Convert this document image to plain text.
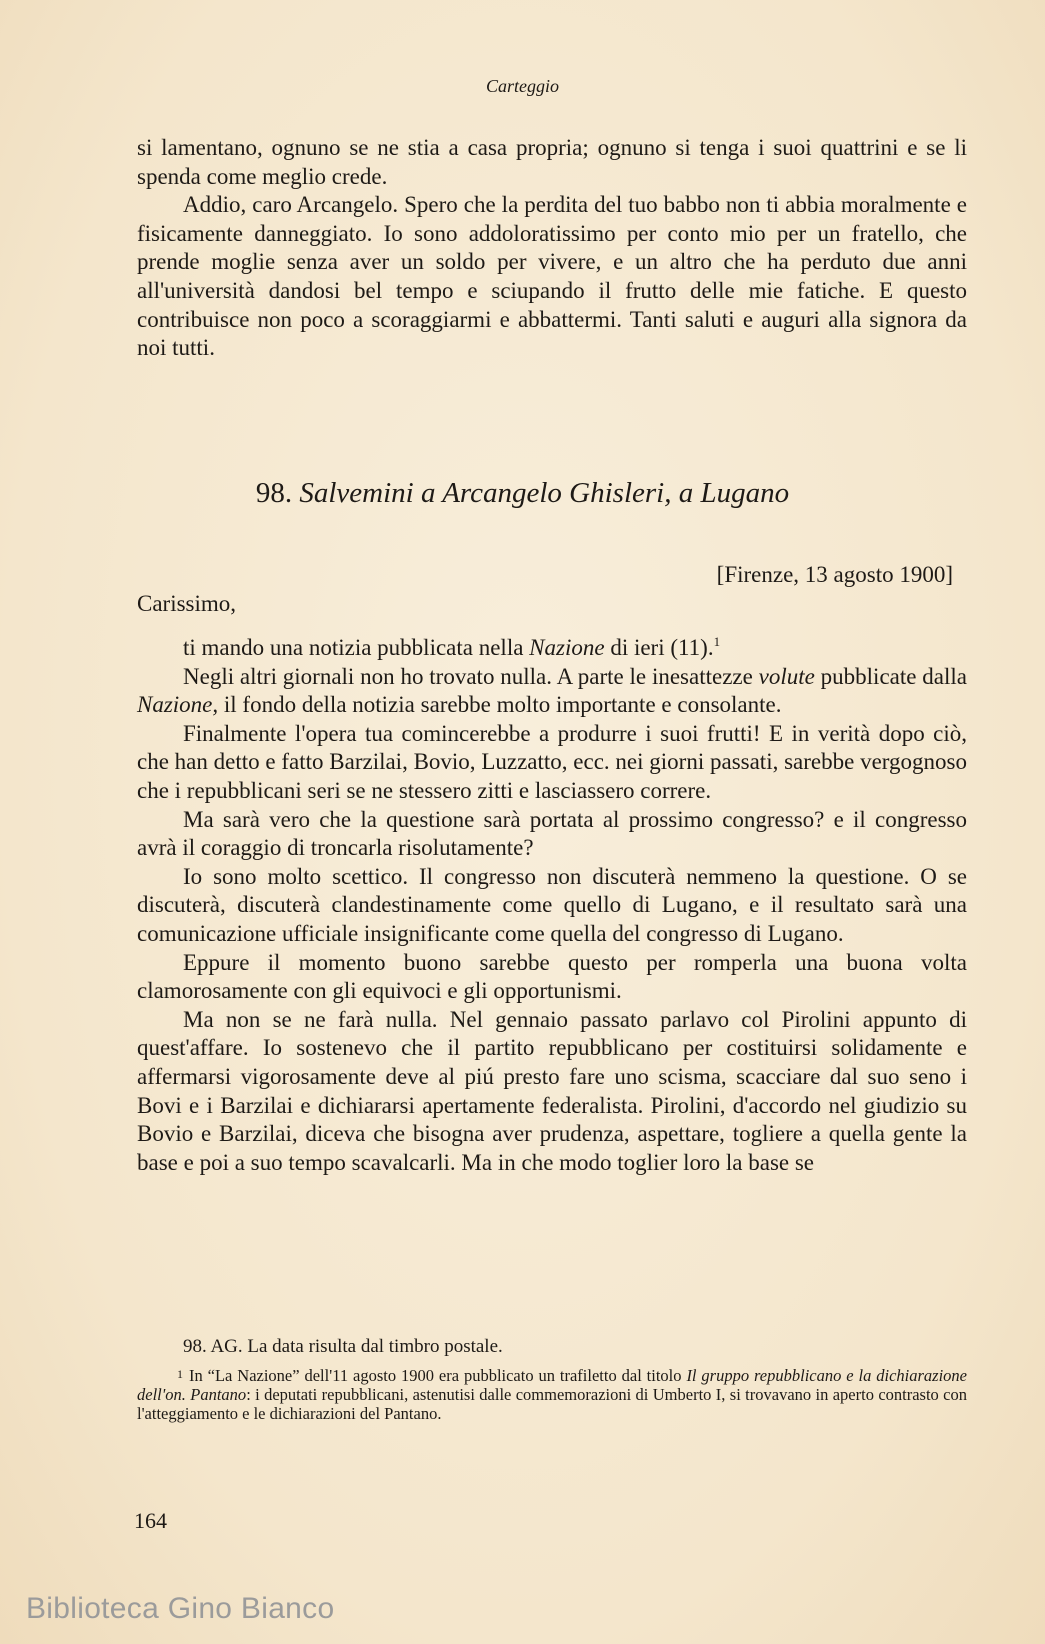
Carteggio

si lamentano, ognuno se ne stia a casa propria; ognuno si tenga i suoi quattrini e se li spenda come meglio crede.

Addio, caro Arcangelo. Spero che la perdita del tuo babbo non ti abbia moralmente e fisicamente danneggiato. Io sono addoloratissimo per conto mio per un fratello, che prende moglie senza aver un soldo per vivere, e un altro che ha perduto due anni all'università dandosi bel tempo e sciupando il frutto delle mie fatiche. E questo contribuisce non poco a scoraggiarmi e abbattermi. Tanti saluti e auguri alla signora da noi tutti.

98. Salvemini a Arcangelo Ghisleri, a Lugano
[Firenze, 13 agosto 1900]
Carissimo,

ti mando una notizia pubblicata nella Nazione di ieri (11).$^1$

Negli altri giornali non ho trovato nulla. A parte le inesattezze volute pubblicate dalla Nazione, il fondo della notizia sarebbe molto importante e consolante.

Finalmente l'opera tua comincerebbe a produrre i suoi frutti! E in verità dopo ciò, che han detto e fatto Barzilai, Bovio, Luzzatto, ecc. nei giorni passati, sarebbe vergognoso che i repubblicani seri se ne stessero zitti e lasciassero correre.

Ma sarà vero che la questione sarà portata al prossimo congresso? e il congresso avrà il coraggio di troncarla risolutamente?

Io sono molto scettico. Il congresso non discuterà nemmeno la questione. O se discuterà, discuterà clandestinamente come quello di Lugano, e il resultato sarà una comunicazione ufficiale insignificante come quella del congresso di Lugano.

Eppure il momento buono sarebbe questo per romperla una buona volta clamorosamente con gli equivoci e gli opportunismi.

Ma non se ne farà nulla. Nel gennaio passato parlavo col Pirolini appunto di quest'affare. Io sostenevo che il partito repubblicano per costituirsi solidamente e affermarsi vigorosamente deve al piú presto fare uno scisma, scacciare dal suo seno i Bovi e i Barzilai e dichiararsi apertamente federalista. Pirolini, d'accordo nel giudizio su Bovio e Barzilai, diceva che bisogna aver prudenza, aspettare, togliere a quella gente la base e poi a suo tempo scavalcarli. Ma in che modo toglier loro la base se

98. AG. La data risulta dal timbro postale.

1 In “La Nazione” dell'11 agosto 1900 era pubblicato un trafiletto dal titolo Il gruppo repubblicano e la dichiarazione dell'on. Pantano: i deputati repubblicani, astenutisi dalle commemorazioni di Umberto I, si trovavano in aperto contrasto con l'atteggiamento e le dichiarazioni del Pantano.

164
Biblioteca Gino Bianco
